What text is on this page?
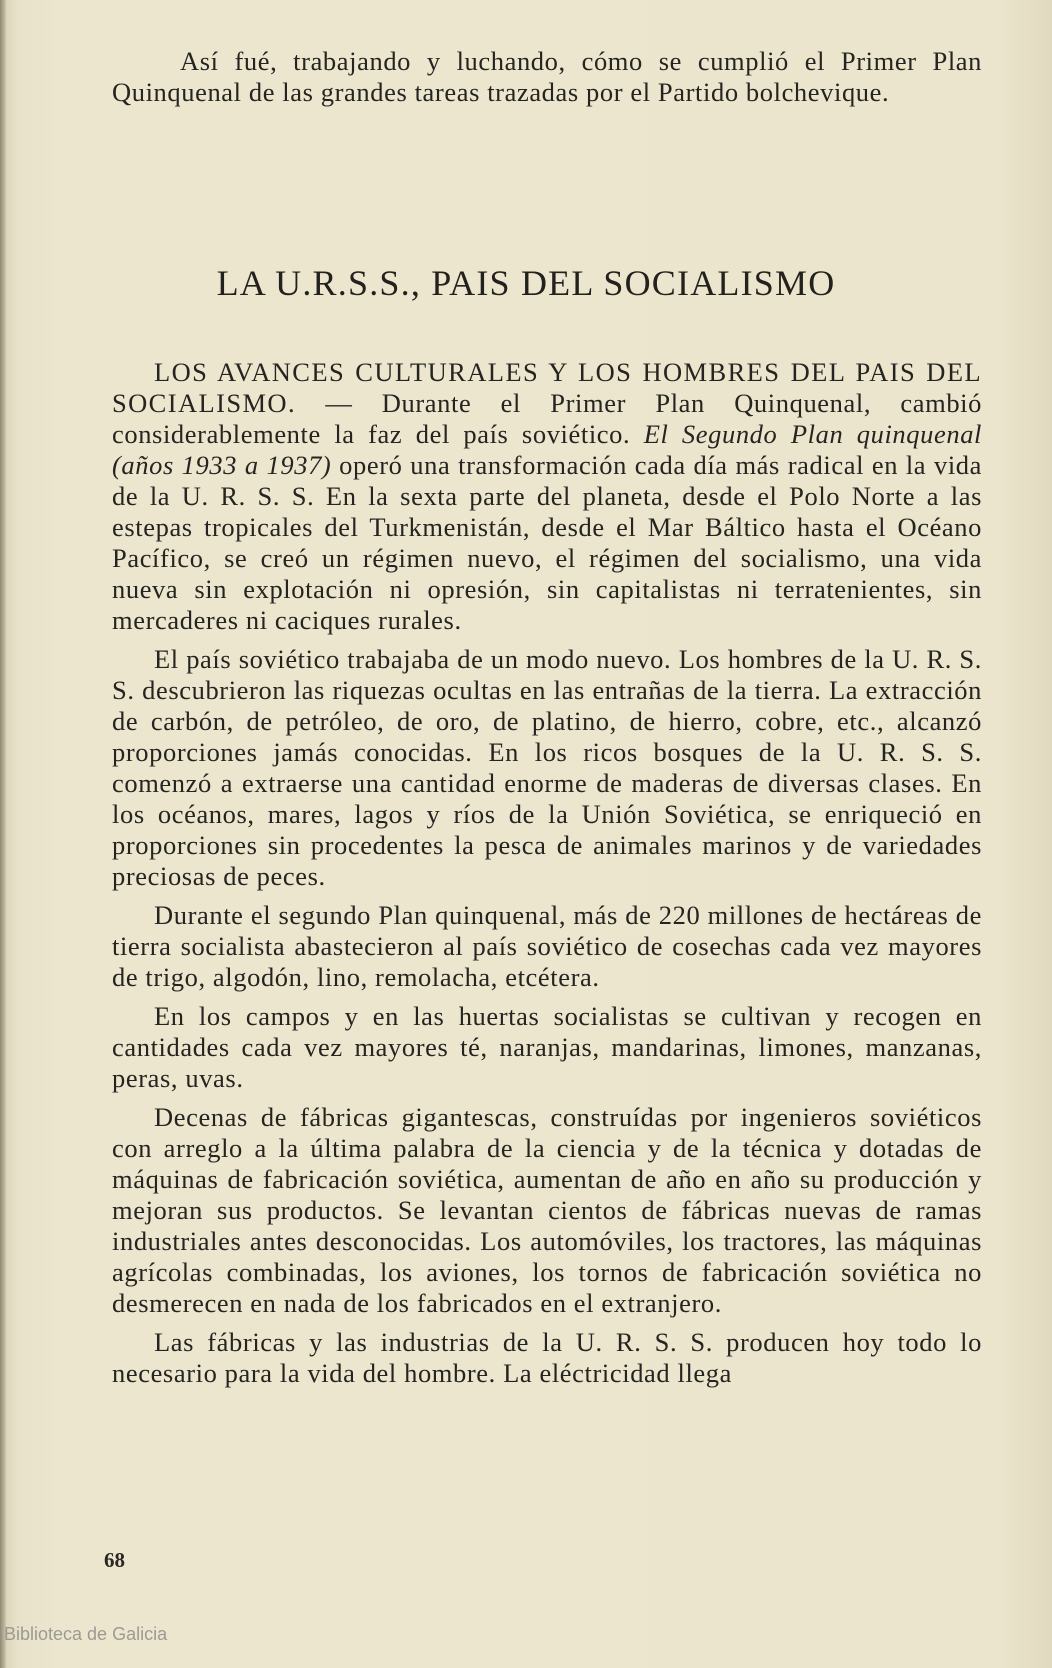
Así fué, trabajando y luchando, cómo se cumplió el Primer Plan Quinquenal de las grandes tareas trazadas por el Partido bolchevique.
LA U.R.S.S., PAIS DEL SOCIALISMO

LOS AVANCES CULTURALES Y LOS HOMBRES DEL PAIS DEL SOCIALISMO. — Durante el Primer Plan Quinquenal, cambió considerablemente la faz del país soviético. El Segundo Plan quinquenal (años 1933 a 1937) operó una transformación cada día más radical en la vida de la U. R. S. S. En la sexta parte del planeta, desde el Polo Norte a las estepas tropicales del Turkmenistán, desde el Mar Báltico hasta el Océano Pacífico, se creó un régimen nuevo, el régimen del socialismo, una vida nueva sin explotación ni opresión, sin capitalistas ni terratenientes, sin mercaderes ni caciques rurales.

El país soviético trabajaba de un modo nuevo. Los hombres de la U. R. S. S. descubrieron las riquezas ocultas en las entrañas de la tierra. La extracción de carbón, de petróleo, de oro, de platino, de hierro, cobre, etc., alcanzó proporciones jamás conocidas. En los ricos bosques de la U. R. S. S. comenzó a extraerse una cantidad enorme de maderas de diversas clases. En los océanos, mares, lagos y ríos de la Unión Soviética, se enriqueció en proporciones sin procedentes la pesca de animales marinos y de variedades preciosas de peces.

Durante el segundo Plan quinquenal, más de 220 millones de hectáreas de tierra socialista abastecieron al país soviético de cosechas cada vez mayores de trigo, algodón, lino, remolacha, etcétera.

En los campos y en las huertas socialistas se cultivan y recogen en cantidades cada vez mayores té, naranjas, mandarinas, limones, manzanas, peras, uvas.

Decenas de fábricas gigantescas, construídas por ingenieros soviéticos con arreglo a la última palabra de la ciencia y de la técnica y dotadas de máquinas de fabricación soviética, aumentan de año en año su producción y mejoran sus productos. Se levantan cientos de fábricas nuevas de ramas industriales antes desconocidas. Los automóviles, los tractores, las máquinas agrícolas combinadas, los aviones, los tornos de fabricación soviética no desmerecen en nada de los fabricados en el extranjero.

Las fábricas y las industrias de la U. R. S. S. producen hoy todo lo necesario para la vida del hombre. La eléctricidad llega

68
Biblioteca de Galicia
